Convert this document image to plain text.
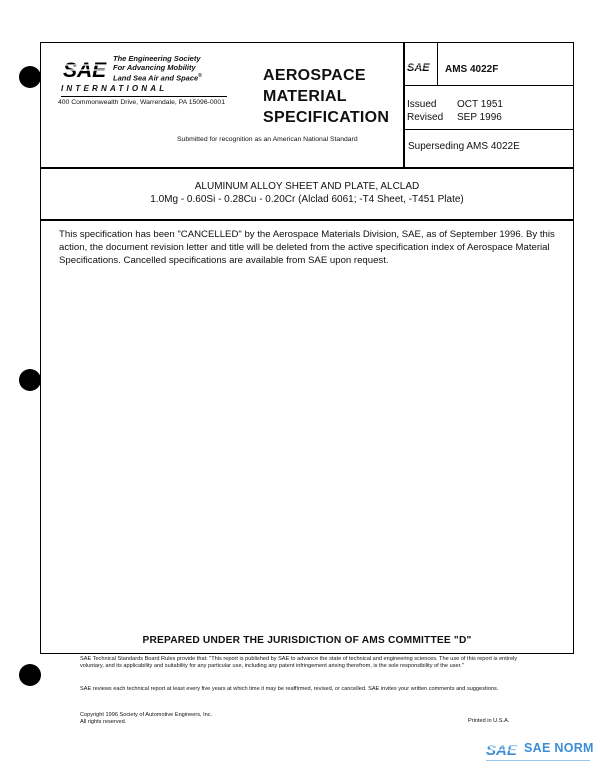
SAE
The Engineering Society
For Advancing Mobility
Land Sea Air and Space®
INTERNATIONAL
400 Commonwealth Drive, Warrendale, PA 15096-0001
AEROSPACE
MATERIAL
SPECIFICATION
Submitted for recognition as an American National Standard
SAE AMS 4022F
Issued
Revised
OCT 1951
SEP 1996
Superseding AMS 4022E
ALUMINUM ALLOY SHEET AND PLATE, ALCLAD
1.0Mg - 0.60Si - 0.28Cu - 0.20Cr (Alclad 6061; -T4 Sheet, -T451 Plate)
This specification has been "CANCELLED" by the Aerospace Materials Division, SAE, as of September 1996. By this action, the document revision letter and title will be deleted from the active specification index of Aerospace Material Specifications. Cancelled specifications are available from SAE upon request.
PREPARED UNDER THE JURISDICTION OF AMS COMMITTEE "D"
SAE Technical Standards Board Rules provide that: "This report is published by SAE to advance the state of technical and engineering sciences. The use of this report is entirely voluntary, and its applicability and suitability for any particular use, including any patent infringement arising therefrom, is the sole responsibility of the user."
SAE reviews each technical report at least every five years at which time it may be reaffirmed, revised, or cancelled. SAE invites your written comments and suggestions.
Copyright 1996 Society of Automotive Engineers, Inc.
All rights reserved.	Printed in U.S.A.
SAE SAE NORM
